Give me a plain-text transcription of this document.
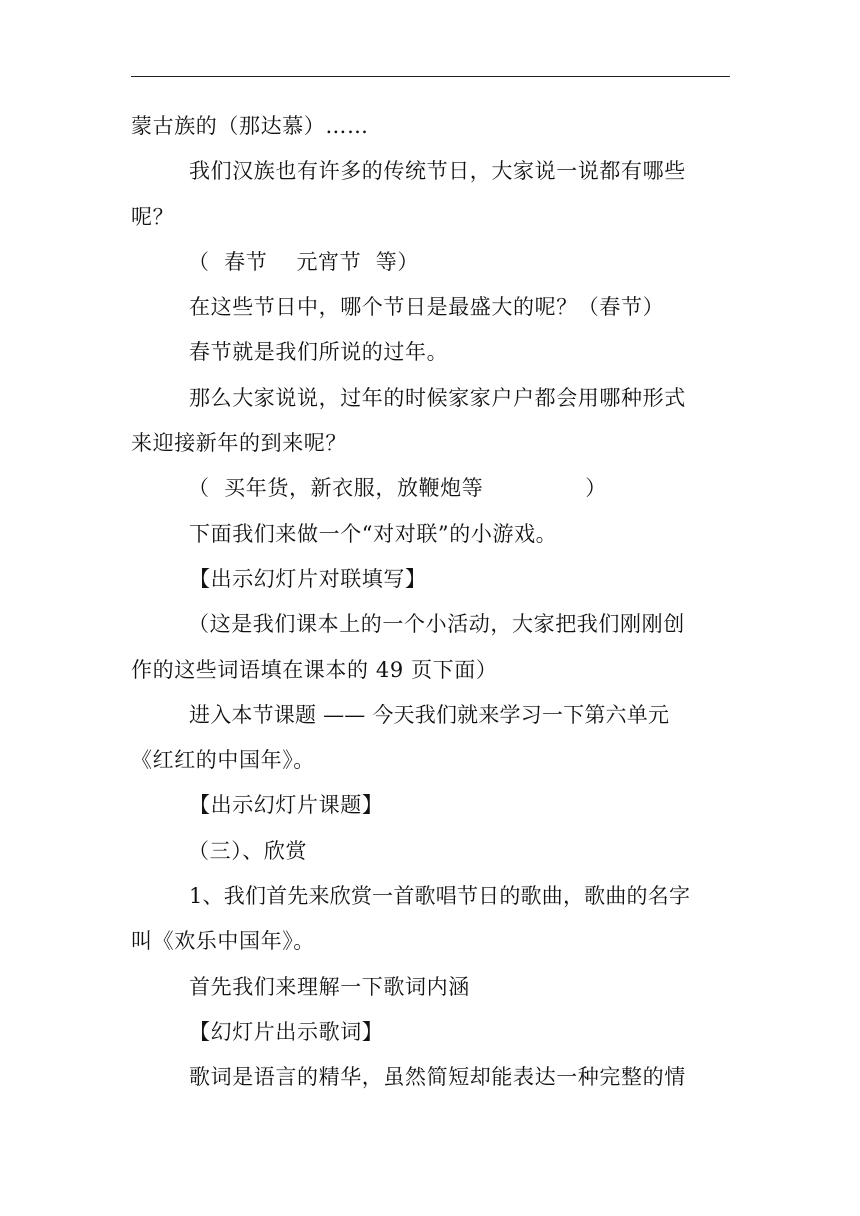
蒙古族的（那达慕）……
我们汉族也有许多的传统节日，大家说一说都有哪些
呢？
（  春节    元宵节  等）
在这些节日中，哪个节日是最盛大的呢？（春节）
春节就是我们所说的过年。
那么大家说说，过年的时候家家户户都会用哪种形式
来迎接新年的到来呢？
（  买年货，新衣服，放鞭炮等              ）
下面我们来做一个“对对联”的小游戏。
【出示幻灯片对联填写】
（这是我们课本上的一个小活动，大家把我们刚刚创
作的这些词语填在课本的 49 页下面）
进入本节课题 —— 今天我们就来学习一下第六单元
《红红的中国年》。
【出示幻灯片课题】
（三）、欣赏
1、我们首先来欣赏一首歌唱节日的歌曲，歌曲的名字
叫《欢乐中国年》。
首先我们来理解一下歌词内涵
【幻灯片出示歌词】
歌词是语言的精华，虽然简短却能表达一种完整的情
